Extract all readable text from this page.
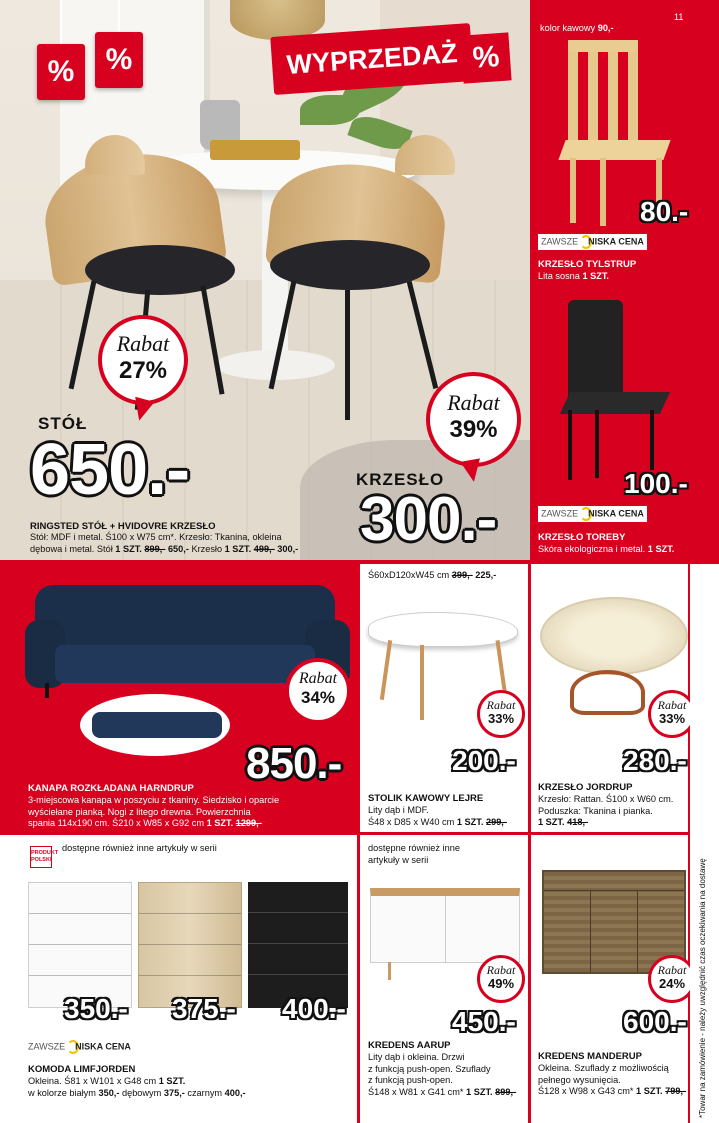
%	%	WYPRZEDAŻ %
Rabat
27%
Rabat
39%
STÓŁ
650.-	KRZESŁO
300.-
RINGSTED STÓŁ + HVIDOVRE KRZESŁO
Stół: MDF i metal. Ś100 x W75 cm*. Krzesło: Tkanina, okleina
dębowa i metal. Stół 1 SZT. 899,- 650,- Krzesło 1 SZT. 499,- 300,-
kolor kawowy 90,-
11
80.-
ZAWSZE NISKA CENA
KRZESŁO TYLSTRUP
Lita sosna 1 SZT.
100.-
ZAWSZE NISKA CENA
KRZESŁO TOREBY
Skóra ekologiczna i metal. 1 SZT.
Rabat
34%
850.-
KANAPA ROZKŁADANA HARNDRUP
3-miejscowa kanapa w poszyciu z tkaniny. Siedzisko i oparcie
wyściełane pianką. Nogi z litego drewna. Powierzchnia
spania 114x190 cm. Ś210 x W85 x G92 cm 1 SZT. 1299,-
Ś60xD120xW45 cm 399,- 225,-
Rabat
33%
200.-
STOLIK KAWOWY LEJRE
Lity dąb i MDF.
Ś48 x D85 x W40 cm 1 SZT. 299,-
Rabat
33%
280.-
KRZESŁO JORDRUP
Krzesło: Rattan. Ś100 x W60 cm.
Poduszka: Tkanina i pianka.
1 SZT. 418,-
PRODUKT POLSKI
dostępne również inne artykuły w serii
350.- 375.- 400.-
ZAWSZE NISKA CENA
KOMODA LIMFJORDEN
Okleina. Ś81 x W101 x G48 cm 1 SZT.
w kolorze białym 350,- dębowym 375,- czarnym 400,-
dostępne również inne
artykuły w serii
Rabat
49%
450.-
KREDENS AARUP
Lity dąb i okleina. Drzwi
z funkcją push-open. Szuflady
z funkcją push-open.
Ś148 x W81 x G41 cm* 1 SZT. 899,-
Rabat
24%
600.-
KREDENS MANDERUP
Okleina. Szuflady z możliwością
pełnego wysunięcia.
Ś128 x W98 x G43 cm* 1 SZT. 799,- *Towar na zamówienie - należy uwzględnić czas oczekiwania na dostawę
